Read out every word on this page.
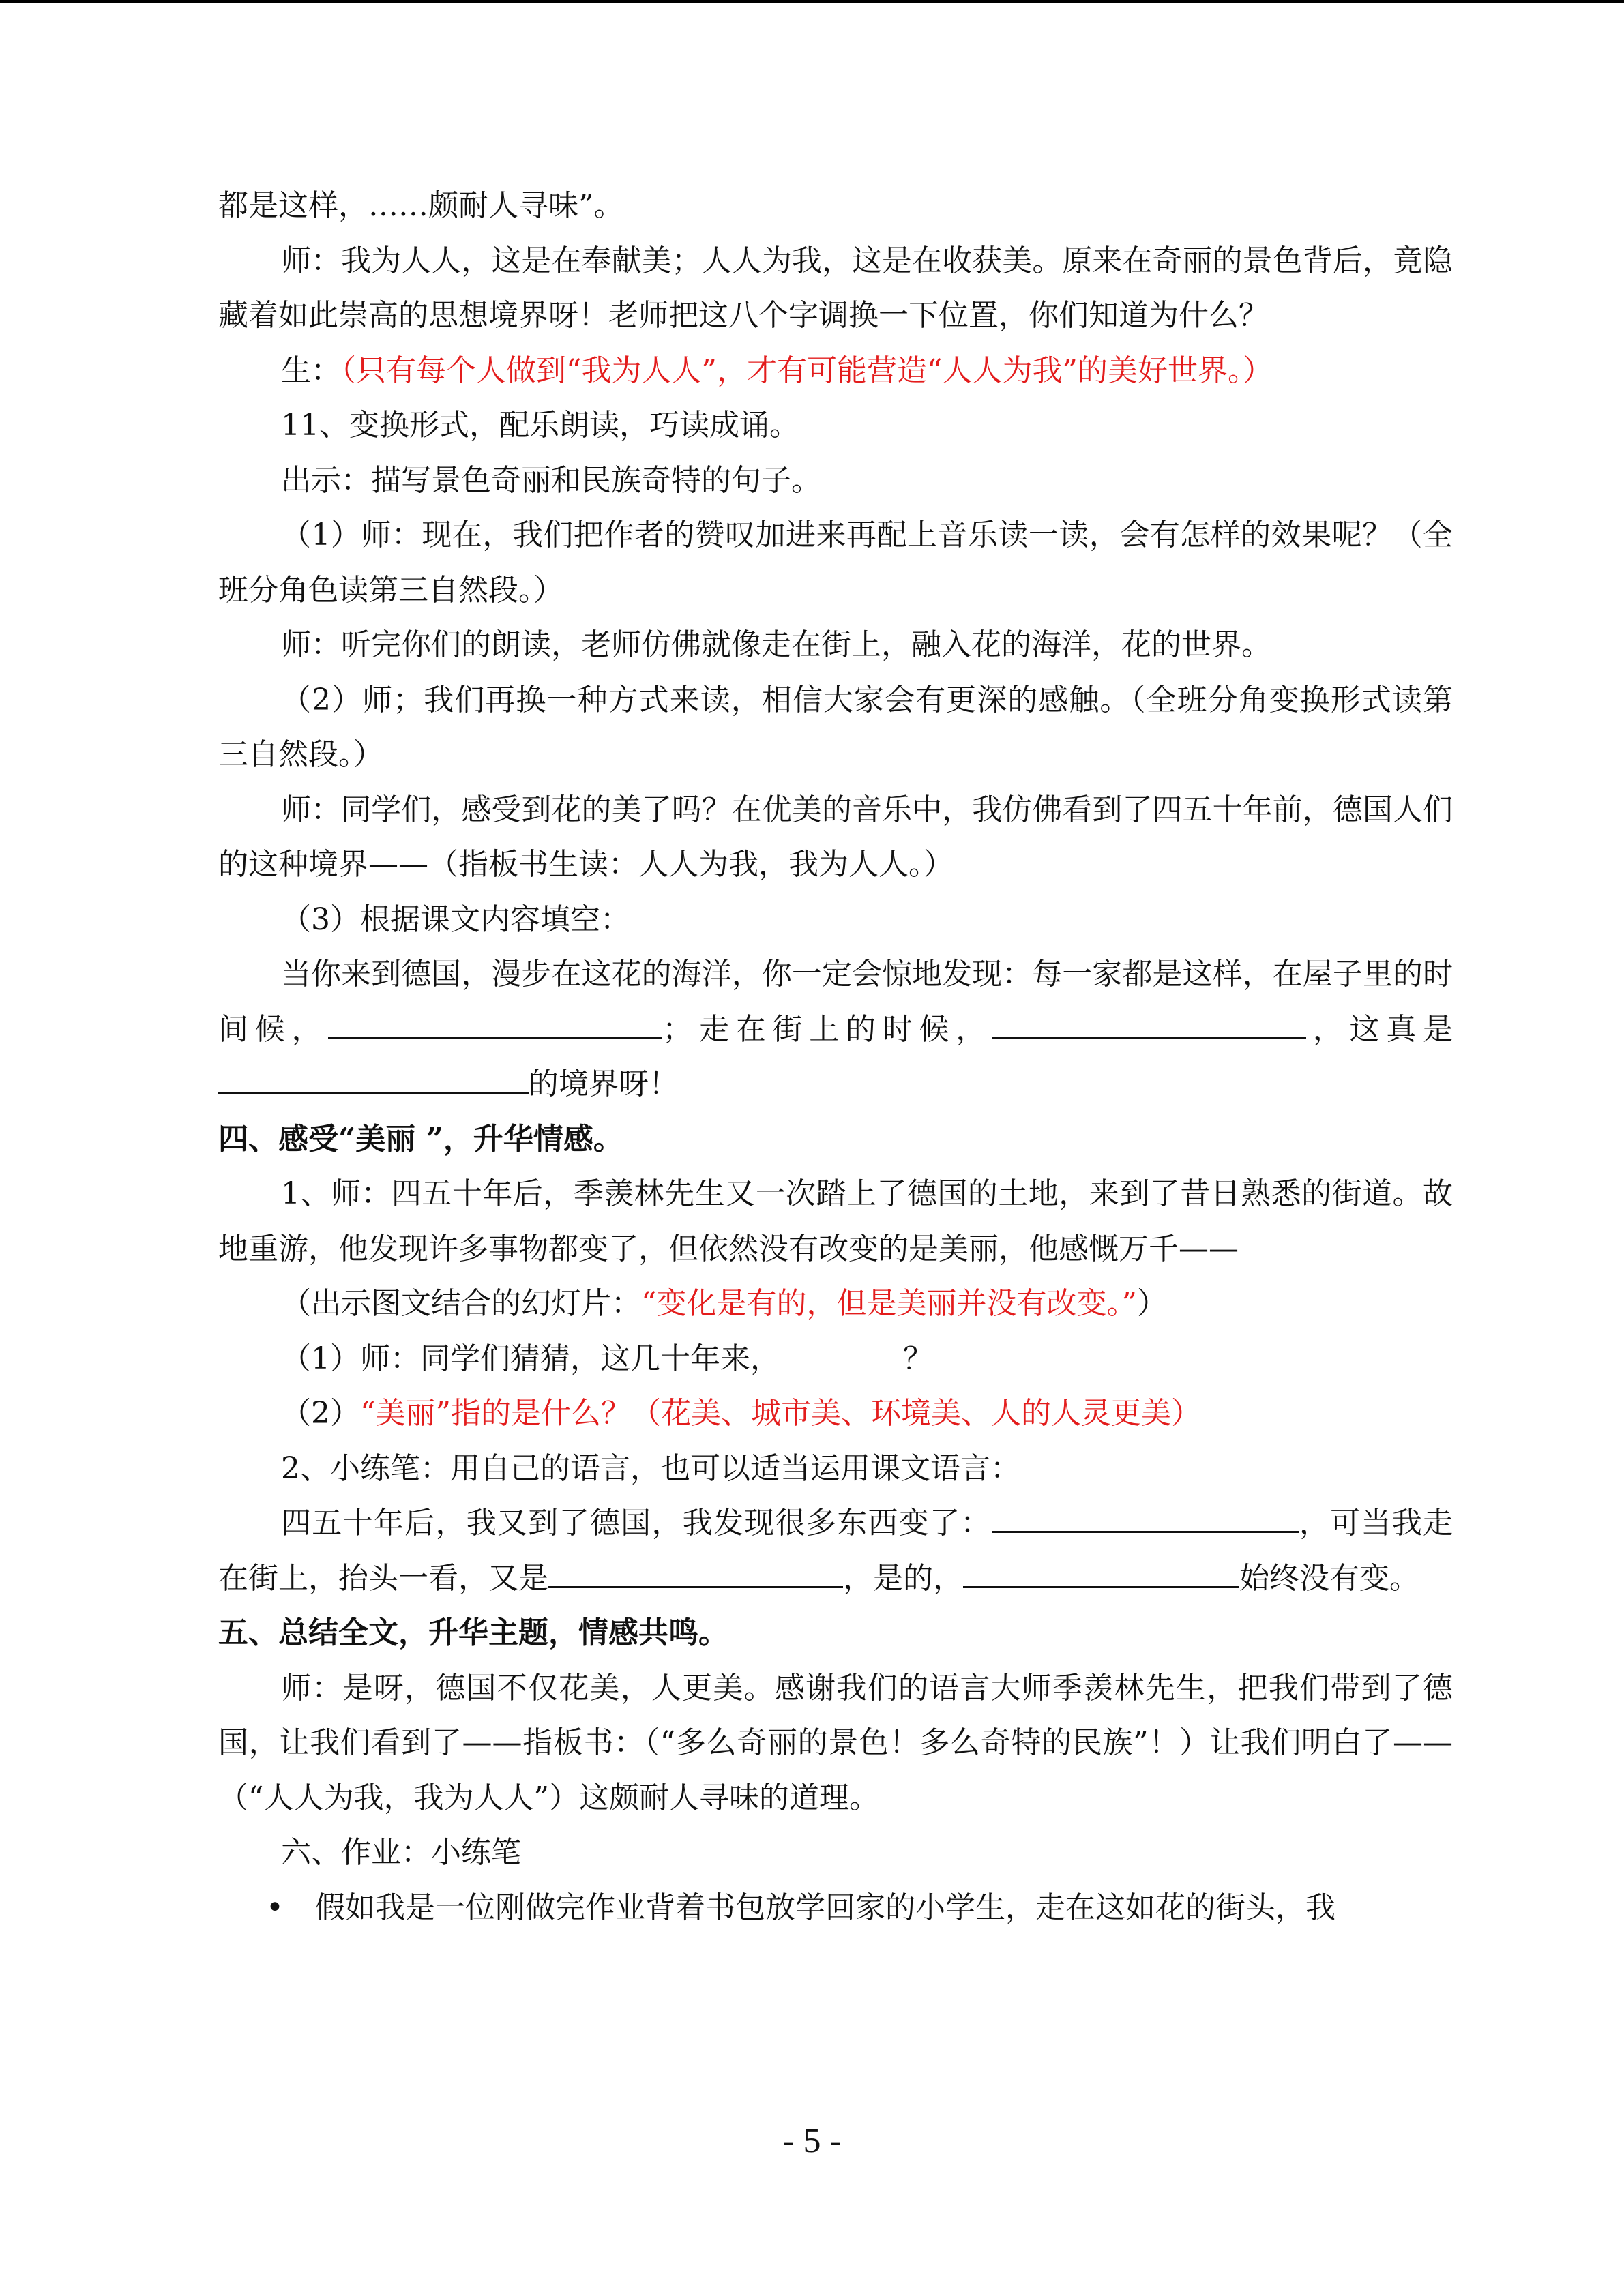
都是这样，……颇耐人寻味”。

师：我为人人，这是在奉献美；人人为我，这是在收获美。原来在奇丽的景色背后，竟隐藏着如此崇高的思想境界呀！老师把这八个字调换一下位置，你们知道为什么？

生：（只有每个人做到“我为人人”，才有可能营造“人人为我”的美好世界。）

11、变换形式，配乐朗读，巧读成诵。

出示：描写景色奇丽和民族奇特的句子。

（1）师：现在，我们把作者的赞叹加进来再配上音乐读一读，会有怎样的效果呢？（全班分角色读第三自然段。）

师：听完你们的朗读，老师仿佛就像走在街上，融入花的海洋，花的世界。

（2）师；我们再换一种方式来读，相信大家会有更深的感触。（全班分角变换形式读第三自然段。）

师：同学们，感受到花的美了吗？在优美的音乐中，我仿佛看到了四五十年前，德国人们的这种境界——（指板书生读：人人为我，我为人人。）

（3）根据课文内容填空：

当你来到德国，漫步在这花的海洋，你一定会惊地发现：每一家都是这样，在屋子里的时间候，	；走在街上的时候，	，这真是的境界呀！

四、感受“美丽 ”，升华情感。

1、师：四五十年后，季羡林先生又一次踏上了德国的土地，来到了昔日熟悉的街道。故地重游，他发现许多事物都变了，但依然没有改变的是美丽，他感慨万千——

（出示图文结合的幻灯片：“变化是有的，但是美丽并没有改变。”）

（1）师：同学们猜猜，这几十年来，	？

（2）“美丽”指的是什么？（花美、城市美、环境美、人的人灵更美）

2、小练笔：用自己的语言，也可以适当运用课文语言：

四五十年后，我又到了德国，我发现很多东西变了：	，可当我走在街上，抬头一看，又是	，是的，	始终没有变。

五、总结全文，升华主题，情感共鸣。

师：是呀，德国不仅花美，人更美。感谢我们的语言大师季羡林先生，把我们带到了德国，让我们看到了——指板书：（“多么奇丽的景色！多么奇特的民族”！）让我们明白了——（“人人为我，我为人人”）这颇耐人寻味的道理。

六、作业：小练笔

• 假如我是一位刚做完作业背着书包放学回家的小学生，走在这如花的街头，我

- 5 -
